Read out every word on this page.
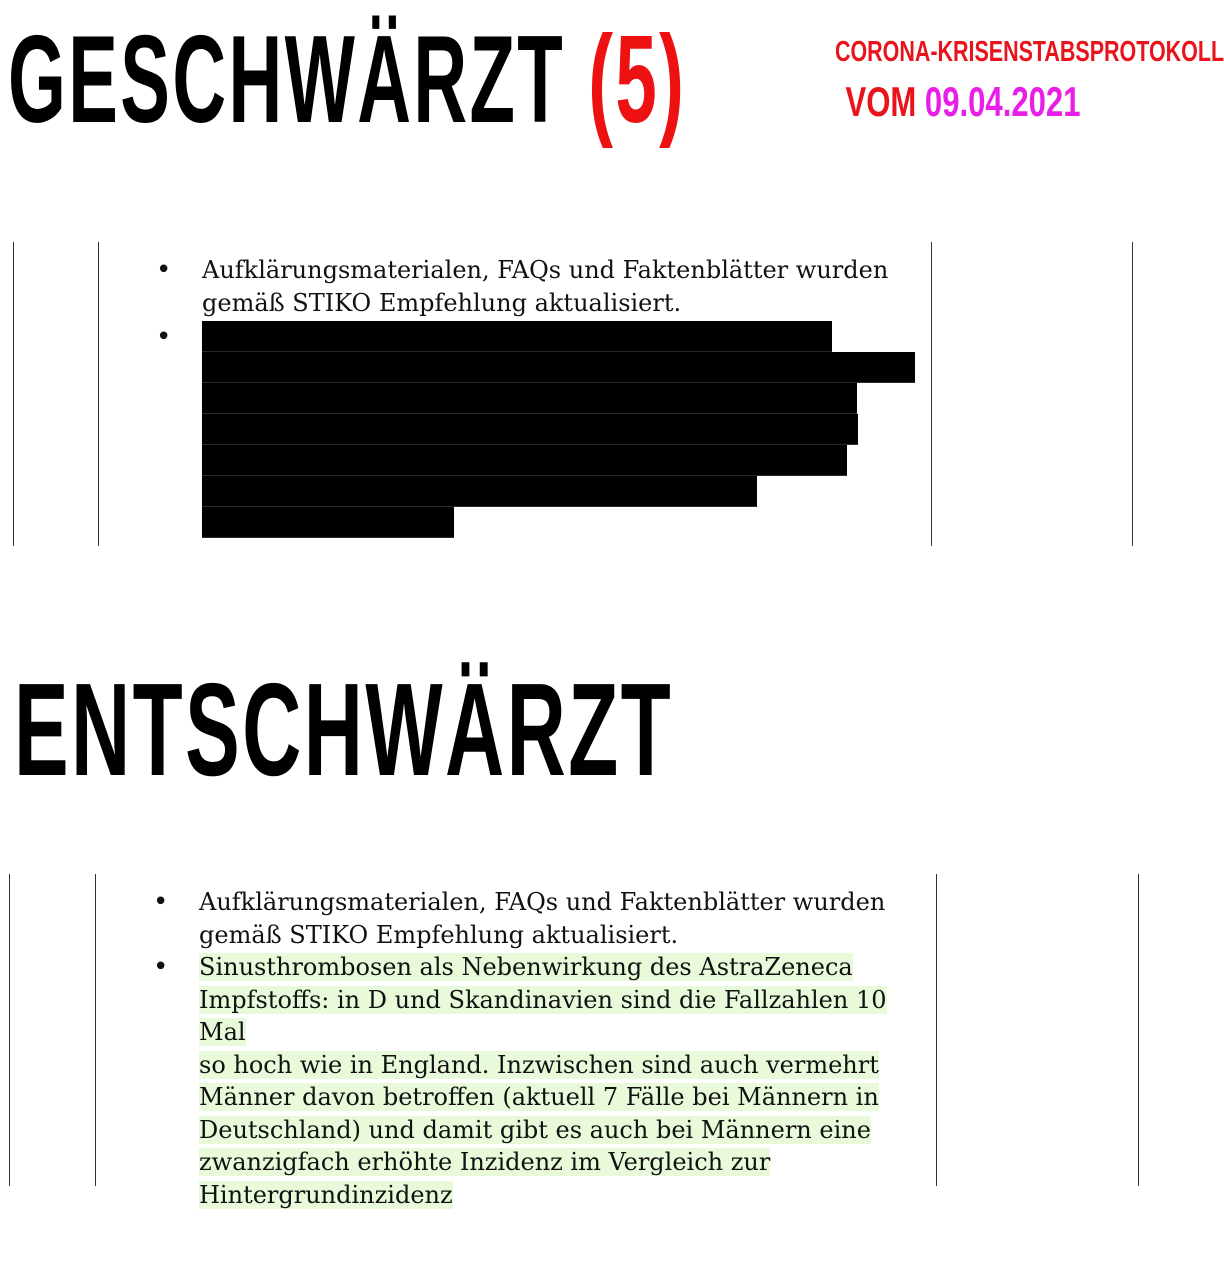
GESCHWÄRZT (5)	CORONA-KRISENSTABSPROTOKOLL
VOM 09.04.2021
• Aufklärungsmaterialen, FAQs und Faktenblätter wurden
gemäß STIKO Empfehlung aktualisiert.
•
ENTSCHWÄRZT
• Aufklärungsmaterialen, FAQs und Faktenblätter wurden
gemäß STIKO Empfehlung aktualisiert.
• Sinusthrombosen als Nebenwirkung des AstraZeneca
Impfstoffs: in D und Skandinavien sind die Fallzahlen 10 Mal
so hoch wie in England. Inzwischen sind auch vermehrt
Männer davon betroffen (aktuell 7 Fälle bei Männern in
Deutschland) und damit gibt es auch bei Männern eine
zwanzigfach erhöhte Inzidenz im Vergleich zur
Hintergrundinzidenz
